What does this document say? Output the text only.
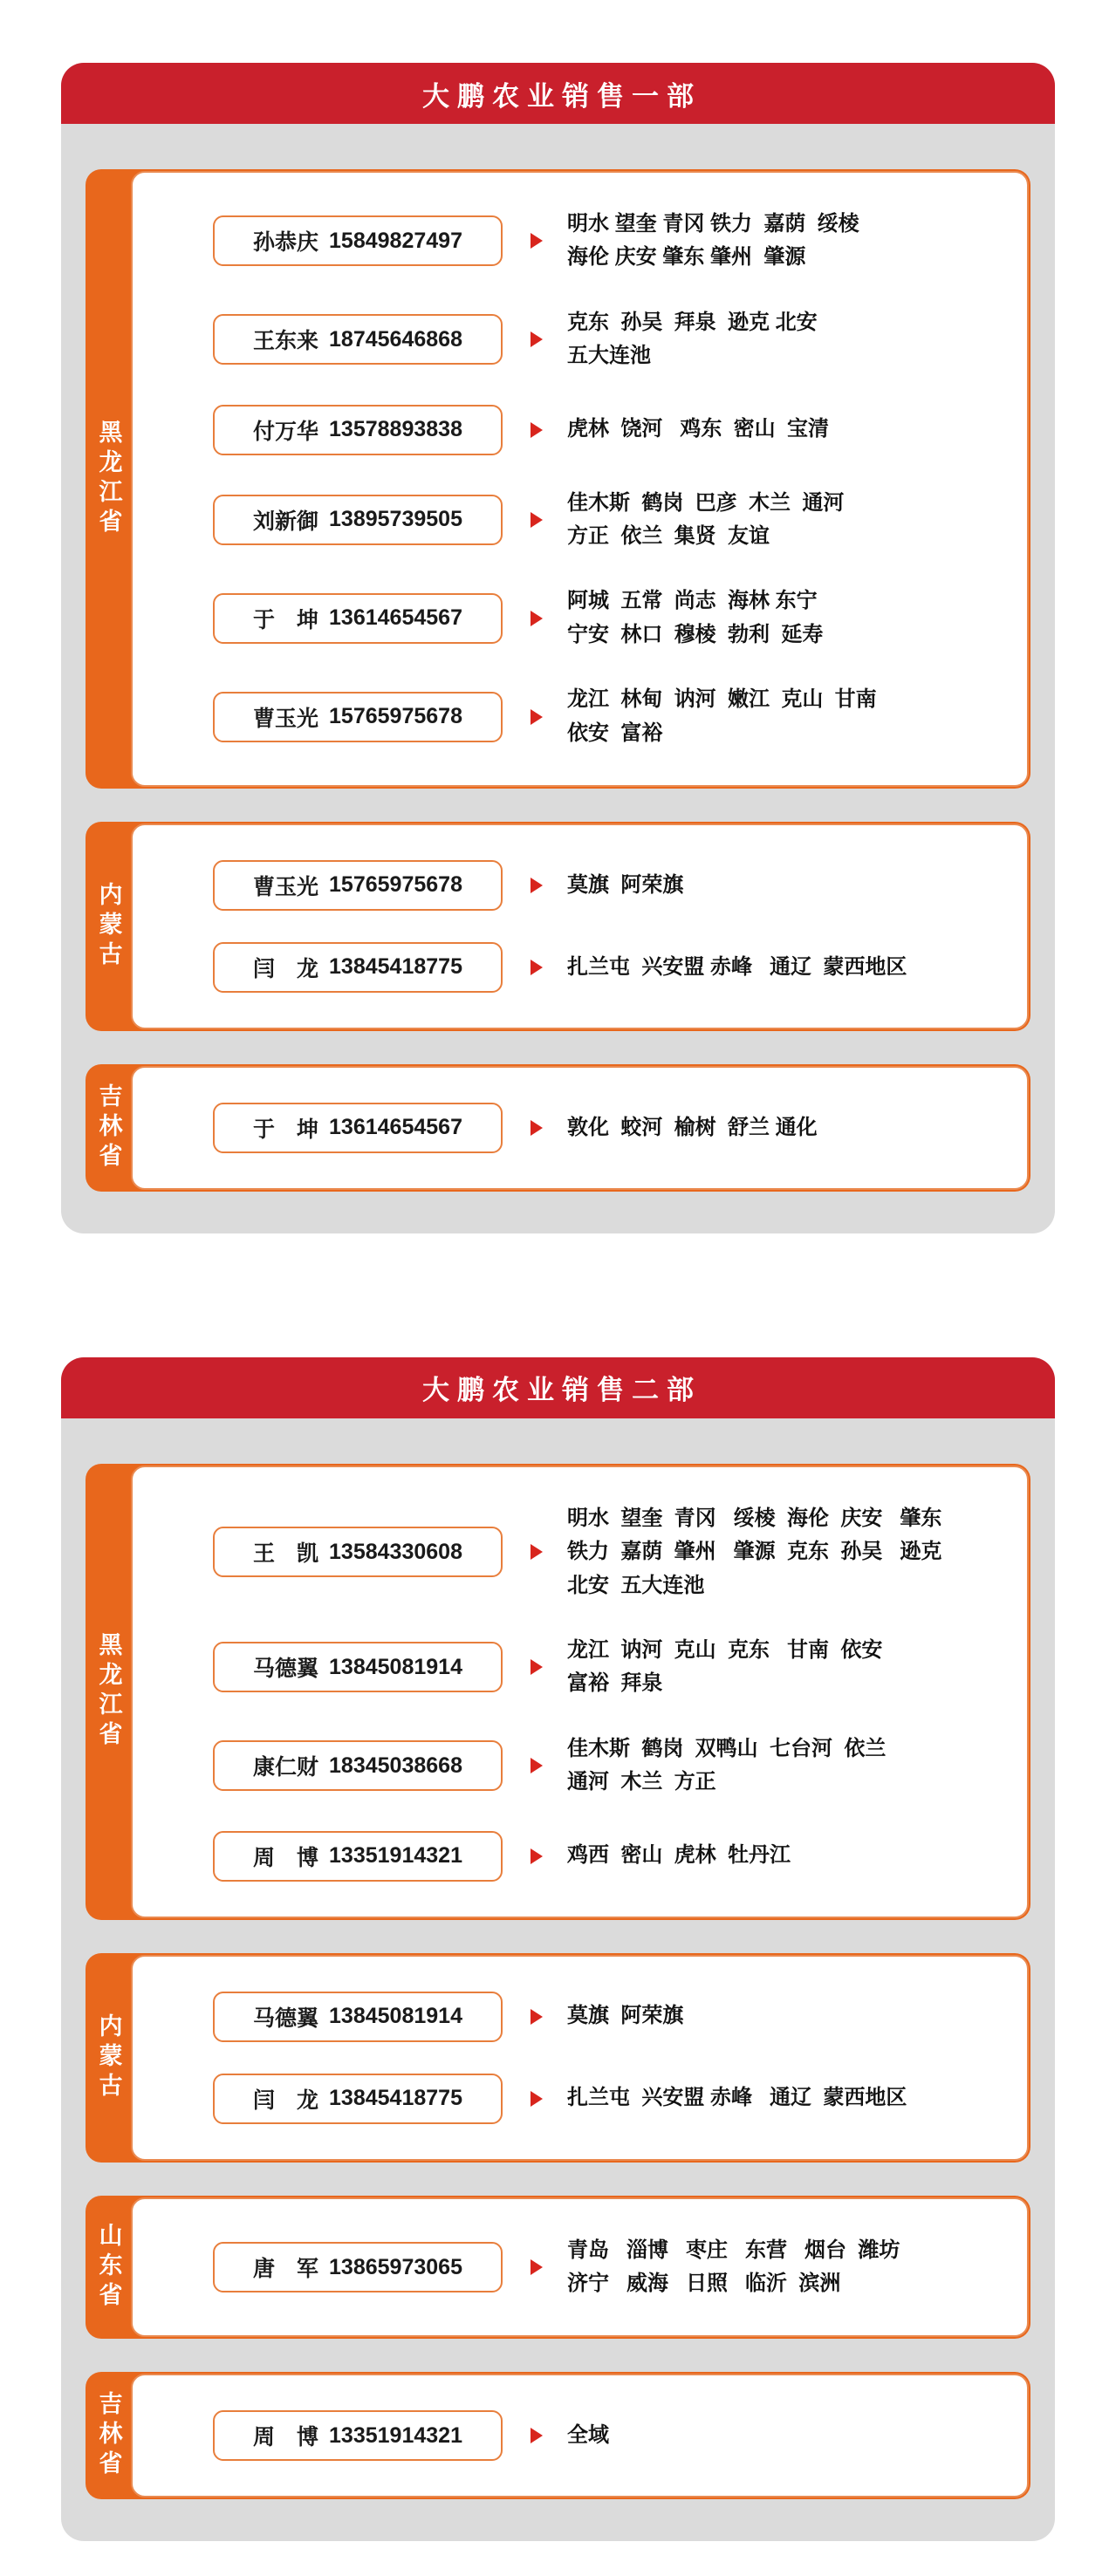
大鹏农业销售一部
黑龙江省
孙恭庆 15849827497
明水 望奎 青冈 铁力  嘉荫  绥棱
海伦 庆安 肇东 肇州  肇源
王东来 18745646868
克东  孙吴  拜泉  逊克 北安
五大连池
付万华 13578893838	虎林  饶河   鸡东  密山  宝清
刘新御 13895739505
佳木斯  鹤岗  巴彦  木兰  通河
方正  依兰  集贤  友谊
于　坤 13614654567
阿城  五常  尚志  海林 东宁
宁安  林口  穆棱  勃利  延寿
曹玉光 15765975678
龙江  林甸  讷河  嫩江  克山  甘南
依安  富裕
内蒙古	曹玉光 15765975678	莫旗  阿荣旗
闫　龙 13845418775	扎兰屯  兴安盟 赤峰   通辽  蒙西地区
吉林省	于　坤 13614654567	敦化  蛟河  榆树  舒兰 通化
大鹏农业销售二部
黑龙江省
王　凯 13584330608
明水  望奎  青冈   绥棱  海伦  庆安   肇东
铁力  嘉荫  肇州   肇源  克东  孙吴   逊克
北安  五大连池
马德翼 13845081914
龙江  讷河  克山  克东   甘南  依安
富裕  拜泉
康仁财 18345038668
佳木斯  鹤岗  双鸭山  七台河  依兰
通河  木兰  方正
周　博 13351914321	鸡西  密山  虎林  牡丹江
内蒙古	马德翼 13845081914	莫旗  阿荣旗
闫　龙 13845418775	扎兰屯  兴安盟 赤峰   通辽  蒙西地区
山东省	唐　军 13865973065
青岛   淄博   枣庄   东营   烟台  潍坊
济宁   威海   日照   临沂  滨洲
吉林省	周　博 13351914321	全域
